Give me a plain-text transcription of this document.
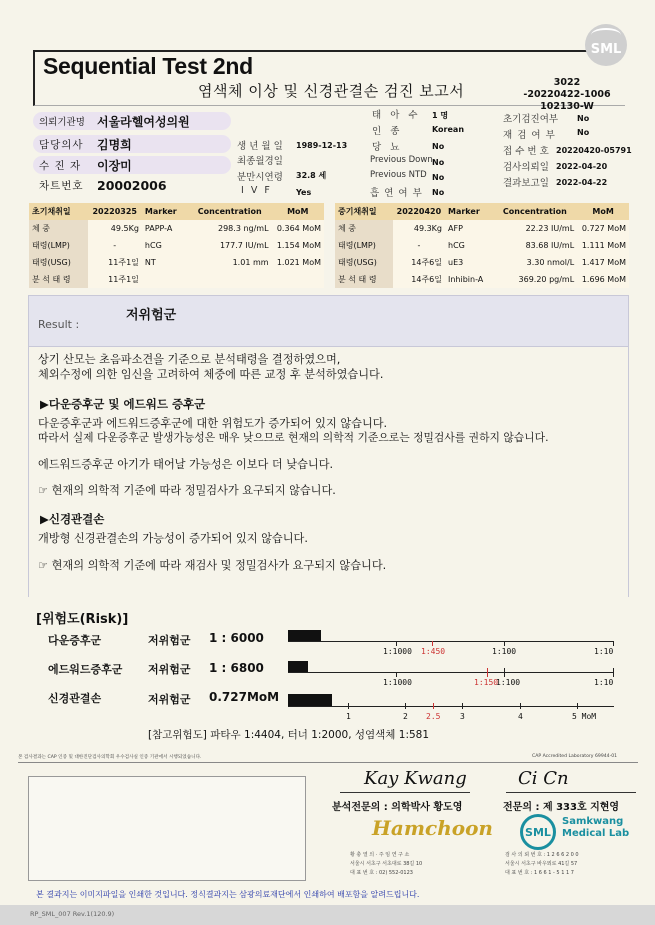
Sequential Test 2nd
염색체 이상 및 신경관결손 검진 보고서	3022 -20220422-1006
102130-W
SML
의뢰기관명	서울라헬여성의원
담당의사	김명희
수 진 자	이장미
차트번호	20002006
생 년 월 일 1989-12-13
최종월경일
분만시연령 32.8 세
I V F	Yes
태 아 수 1 명
인 종	Korean
당 뇨	No
Previous Down No
Previous NTD No
흡 연 여 부 No
초기검진여부 No
재 검 여 부	No
접 수 번 호 20220420-05791
검사의뢰일 2022-04-20
결과보고일 2022-04-22
초기채취일	20220325	Marker	Concentration	MoM
체 중	49.5Kg	PAPP-A	298.3 ng/mL	0.364 MoM
태령(LMP)	-	hCG	177.7 IU/mL	1.154 MoM
태령(USG)	11주1일	NT	1.01 mm	1.021 MoM
분 석 태 령	11주1일			
중기채취일	20220420	Marker	Concentration	MoM
체 중	49.3Kg	AFP	22.23 IU/mL	0.727 MoM
태령(LMP)	-	hCG	83.68 IU/mL	1.111 MoM
태령(USG)	14주6일	uE3	3.30 nmol/L	1.417 MoM
분 석 태 령	14주6일	Inhibin-A	369.20 pg/mL	1.696 MoM
Result :
저위험군
상기 산모는 초음파소견을 기준으로 분석태령을 결정하였으며,
체외수정에 의한 임신을 고려하여 체중에 따른 교정 후 분석하였습니다.
▶다운증후군 및 에드워드 증후군
다운증후군과 에드워드증후군에 대한 위험도가 증가되어 있지 않습니다.
따라서 실제 다운증후군 발생가능성은 매우 낮으므로 현재의 의학적 기준으로는 정밀검사를 권하지 않습니다.
에드워드증후군 아기가 태어날 가능성은 이보다 더 낮습니다.
☞ 현재의 의학적 기준에 따라 정밀검사가 요구되지 않습니다.
▶신경관결손
개방형 신경관결손의 가능성이 증가되어 있지 않습니다.
☞ 현재의 의학적 기준에 따라 재검사 및 정밀검사가 요구되지 않습니다.
[위험도(Risk)]
다운증후군	저위험군 1 : 6000
에드워드증후군 저위험군 1 : 6800
신경관결손	저위험군 0.727MoM
1:1000 1:450	1:100	1:10
1:1000	1:150
1:100	1:10
1	2 2.5 3	4	5 MoM
[참고위험도] 파타우 1:4404, 터너 1:2000, 성염색체 1:581
본 검사결과는 CAP 인증 및 대한진단검사의학회 우수검사실 인증 기관에서 시행되었습니다.	CAP Accredited Laboratory 69944-01
Kay Kwang
분석전문의 : 의학박사 황도영
Ci Cn
전문의 : 제 333호 지현영
Hamchoon
황 충 열 의 · 주 임 연 구 소
서울시 서초구 서초대로 38길 10
대 표 번 호 : 02) 552-0123
SML
Samkwang
Medical Lab
검 사 의 뢰 번 호 : 1 2 6 6 2 0 0
서울시 서초구 바우뫼로 41길 57
대 표 번 호 : 1 6 6 1 - 5 1 1 7
본 결과지는 이미지파일을 인쇄한 것입니다. 정식결과지는 삼광의료재단에서 인쇄하여 배포함을 알려드립니다.
RP_SML_007 Rev.1(120.9)
